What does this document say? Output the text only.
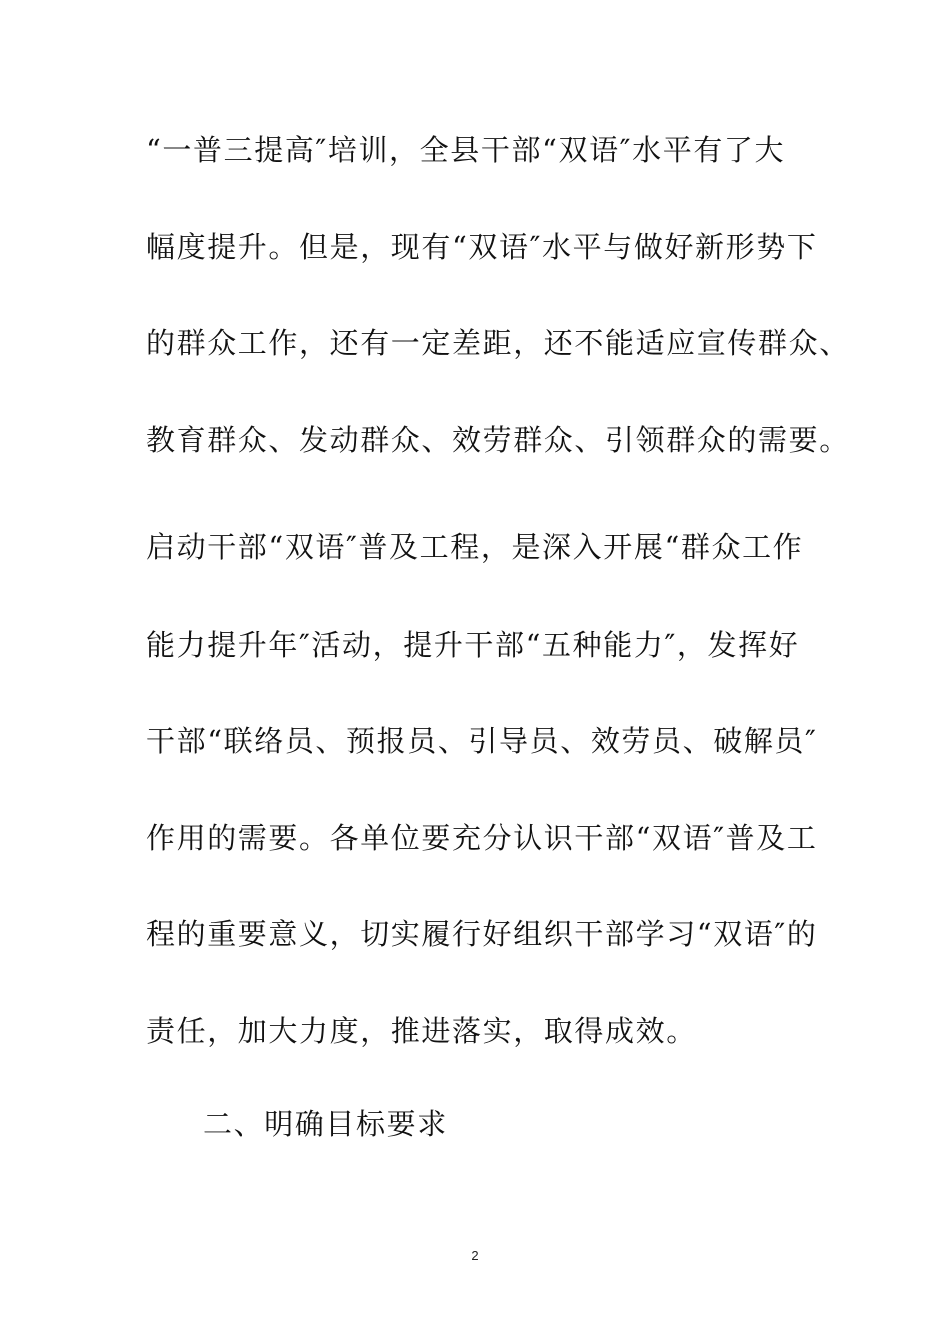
“一普三提高″培训，全县干部“双语″水平有了大
幅度提升。但是，现有“双语″水平与做好新形势下
的群众工作，还有一定差距，还不能适应宣传群众、
教育群众、发动群众、效劳群众、引领群众的需要。
启动干部“双语″普及工程，是深入开展“群众工作
能力提升年″活动，提升干部“五种能力″，发挥好
干部“联络员、预报员、引导员、效劳员、破解员″
作用的需要。各单位要充分认识干部“双语″普及工
程的重要意义，切实履行好组织干部学习“双语″的
责任，加大力度，推进落实，取得成效。
二、明确目标要求
2
